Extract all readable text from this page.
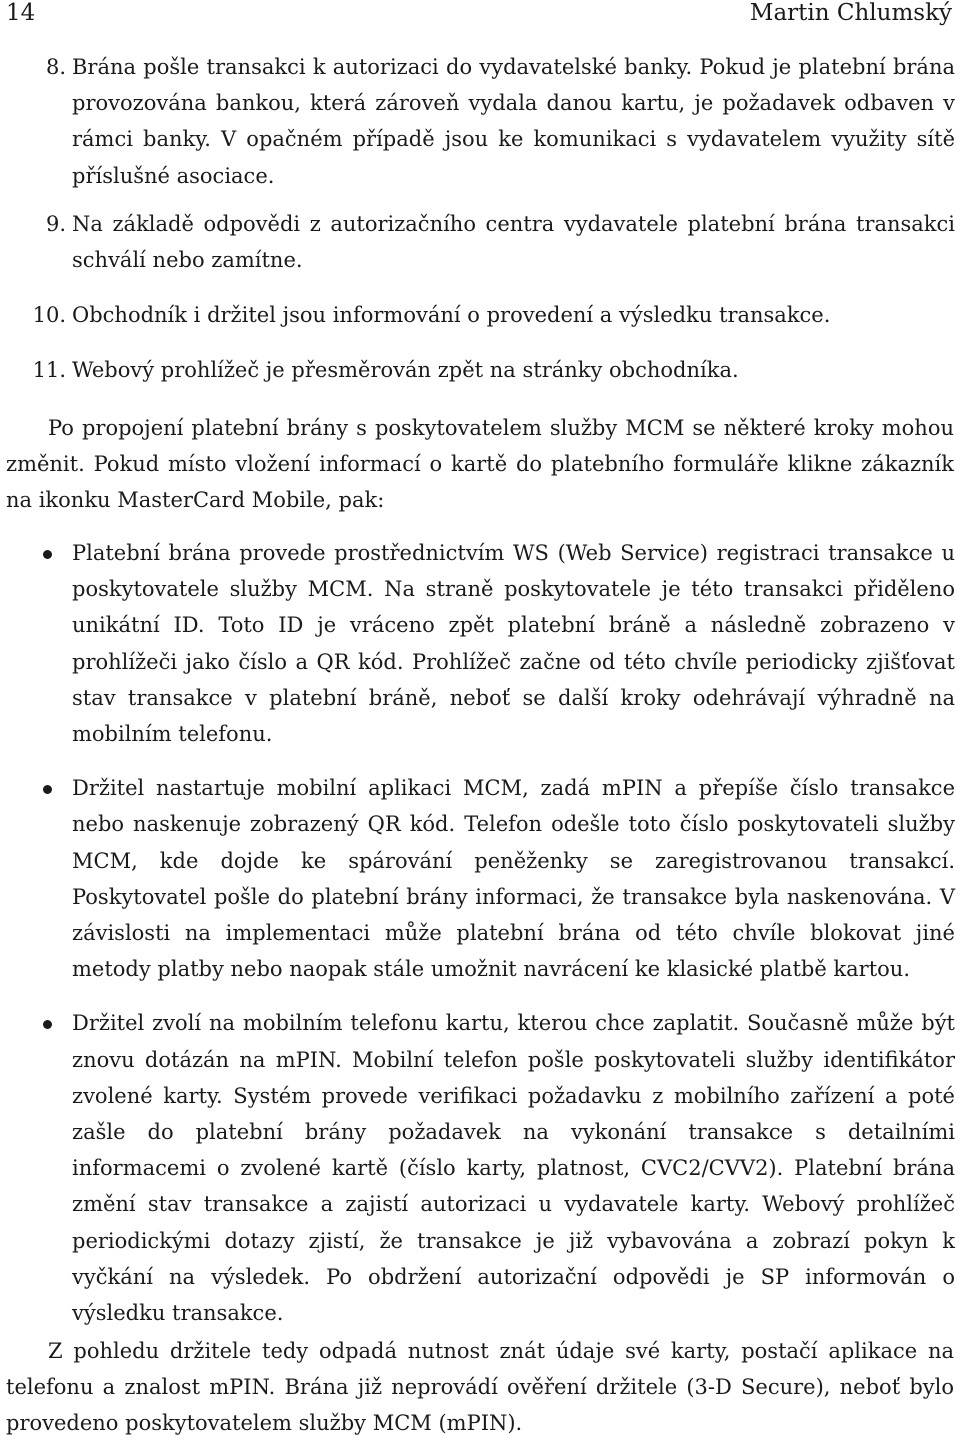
14	Martin Chlumský
8. Brána pošle transakci k autorizaci do vydavatelské banky. Pokud je platební brána provozována bankou, která zároveň vydala danou kartu, je požadavek odbaven v rámci banky. V opačném případě jsou ke komunikaci s vydavatelem využity sítě příslušné asociace.
9. Na základě odpovědi z autorizačního centra vydavatele platební brána transakci schválí nebo zamítne.
10. Obchodník i držitel jsou informování o provedení a výsledku transakce.
11. Webový prohlížeč je přesměrován zpět na stránky obchodníka.

Po propojení platební brány s poskytovatelem služby MCM se některé kroky mohou změnit. Pokud místo vložení informací o kartě do platebního formuláře klikne zákazník na ikonku MasterCard Mobile, pak:

Platební brána provede prostřednictvím WS (Web Service) registraci transakce u poskytovatele služby MCM. Na straně poskytovatele je této transakci přiděleno unikátní ID. Toto ID je vráceno zpět platební bráně a následně zobrazeno v prohlížeči jako číslo a QR kód. Prohlížeč začne od této chvíle periodicky zjišťovat stav transakce v platební bráně, neboť se další kroky odehrávají výhradně na mobilním telefonu.
Držitel nastartuje mobilní aplikaci MCM, zadá mPIN a přepíše číslo transakce nebo naskenuje zobrazený QR kód. Telefon odešle toto číslo poskytovateli služby MCM, kde dojde ke spárování peněženky se zaregistrovanou transakcí. Poskytovatel pošle do platební brány informaci, že transakce byla naskenována. V závislosti na implementaci může platební brána od této chvíle blokovat jiné metody platby nebo naopak stále umožnit navrácení ke klasické platbě kartou.
Držitel zvolí na mobilním telefonu kartu, kterou chce zaplatit. Současně může být znovu dotázán na mPIN. Mobilní telefon pošle poskytovateli služby identifikátor zvolené karty. Systém provede verifikaci požadavku z mobilního zařízení a poté zašle do platební brány požadavek na vykonání transakce s detailními informacemi o zvolené kartě (číslo karty, platnost, CVC2/CVV2). Platební brána změní stav transakce a zajistí autorizaci u vydavatele karty. Webový prohlížeč periodickými dotazy zjistí, že transakce je již vybavována a zobrazí pokyn k vyčkání na výsledek. Po obdržení autorizační odpovědi je SP informován o výsledku transakce.

Z pohledu držitele tedy odpadá nutnost znát údaje své karty, postačí aplikace na telefonu a znalost mPIN. Brána již neprovádí ověření držitele (3-D Secure), neboť bylo provedeno poskytovatelem služby MCM (mPIN).
